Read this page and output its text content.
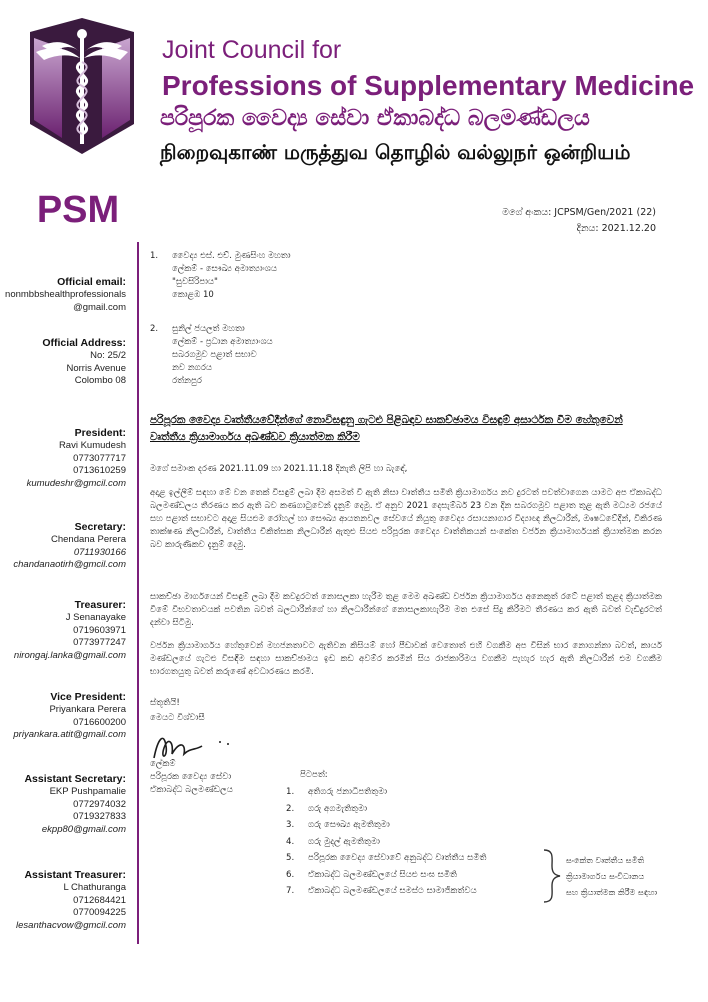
PSM
Joint Council for
Professions of Supplementary Medicine
පරිපූරක වෛද්‍ය සේවා ඒකාබද්ධ බලමණ්ඩලය
நிறைவுகாண் மருத்துவ தொழில் வல்லுநர் ஒன்றியம்
මගේ අංකය: JCPSM/Gen/2021 (22)
දිනය: 2021.12.20
Official email:
nonmbbshealthprofessionals
@gmail.com
Official Address:
No: 25/2
Norris Avenue
Colombo 08
President:
Ravi Kumudesh
0773077717
0713610259
kumudeshr@gmcil.com
Secretary:
Chendana Perera
0711930166
chandanaotirh@gmcil.com
Treasurer:
J Senanayake
0719603971
0773977247
nirongaj.lanka@gmail.com
Vice President:
Priyankara Perera
0716600200
priyankara.atit@gmail.com
Assistant Secretary:
EKP Pushpamalie
0772974032
0719327833
ekpp80@gmail.com
Assistant Treasurer:
L Chathuranga
0712684421
0770094225
lesanthacvow@gmcil.com
1. වෛද්‍ය එස්. එච්. මුණසිංහ මහතා
ලේකම් - සෞඛ්‍ය අමාත්‍යාංශය
"සුවසිරිපාය"
කොළඹ 10
2. සුනිල් ජයලත් මහතා
ලේකම් - ප්‍රධාන අමාත්‍යාංශය
සබරගමුව පළාත් සභාව
නව නගරය
රත්නපුර
පරිපූරක වෛද්‍ය වෘත්තීයවේදීන්ගේ නොවිසඳුනු ගැටළු පිළිබඳව සාකච්ඡාමය විසඳුම් අසාර්ථක වීම හේතුවෙන් වෘත්තීය ක්‍රියාමාර්ගය අඛණ්ඩව ක්‍රියාත්මක කිරීම
මගේ සමාංක දරණ 2021.11.09 හා 2021.11.18 දිනැති ලිපි හා බැඳේ,
අදාළ ඉල්ලීම් සඳහා මේ වන තෙක් විසඳුම් ලබා දීම අසමත් වී ඇති නිසා වෘත්තීය සමිති ක්‍රියාමාර්ගය නව දුරටත් පවත්වාගෙන යාමට අප ඒකාබද්ධ බලමණ්ඩලය තීරණය කර ඇති බව කණගාටුවෙන් දැනුම් දෙමු. ඒ අනුව 2021 දෙසැම්බර් 23 වන දින සබරගමුව පළාත තුළ ඇති මධ්‍යම රජයේ සහ පළාත් සභාවට අදාළ සියළුම රෝහල් හා සෞඛ්‍ය ආයතනවල සේවයේ නියුතු වෛද්‍ය රසායනාගාර විද්‍යාඥ නිලධාරීන්, ඖෂධවේදීන්, විකිරණ තාක්ෂණ නිලධාරීන්, වෘත්තීය චිකිත්සක නිලධාරීන් ඇතුළු සියළු පරිපූරක වෛද්‍ය වෘත්තිකයන් සංකේත වර්ජන ක්‍රියාමාර්ගයක් ක්‍රියාත්මක කරන බව කාරුණිකව දැනුම් දෙමු.
සාකච්ඡා මාර්ගයෙන් විසඳුම් ලබා දීම කවදුරටත් නොසලකා හැරීම තුළ මෙම අඛණ්ඩ වර්ජන ක්‍රියාමාර්ගය අනෙකුත් රටේ පළාත් තුළද ක්‍රියාත්මක වීමේ විභවතාවයක් පවතින බවත් බලධාරීන්ගේ හා නිලධාරීන්ගේ නොසලකාහැරීම මත එසේ සිදු කිරීමට තීරණය කර ඇති බවත් වැඩිදුරටත් දන්වා සිටිමු.
වර්ජන ක්‍රියාමාර්ගය හේතුවෙන් මහජනතාවට ඇතිවන කිසියම් හෝ පීඩාවක් වෙතොත් එහි වගකීම අප විසින් භාර නොගන්නා බවත්, කාර්ය මණ්ඩලයේ ගැටළු විසඳීම සඳහා සාකච්ඡාමය ඉඩ කඩ අවම්ර කරමින් සිය රාජකාරිමය වගකීම පැහැර හැර ඇති නිලධාරීන් එම වගකීම භාරගතයුතු බවත් කරුණේ අවධාරණය කරමි.
ස්තූතියි!
මෙයට විශ්වාසී
ලේකම්
පරිපූරක වෛද්‍ය සේවා
ඒකාබද්ධ බලමණ්ඩලය
පිටපත්:
1. අතිගරු ජනාධිපතිතුමා
2. ගරු අගමැතිතුමා
3. ගරු සෞඛ්‍ය ඇමතිතුමා
4. ගරු මුදල් ඇමතිතුමා
5. පරිපූරක වෛද්‍ය සේවාවේ අනුබද්ධ වෘත්තීය සමිති
6. ඒකාබද්ධ බලමණ්ඩලයේ සියළු සංඝ සමිති
7. ඒකාබද්ධ බලමණ්ඩලයේ සමස්ථ සාමාජිකත්වය
සංකේත වෘත්තීය සමිති
ක්‍රියාමාර්ගය සංවිධානය
සහ ක්‍රියාත්මක කිරීම සඳහා
